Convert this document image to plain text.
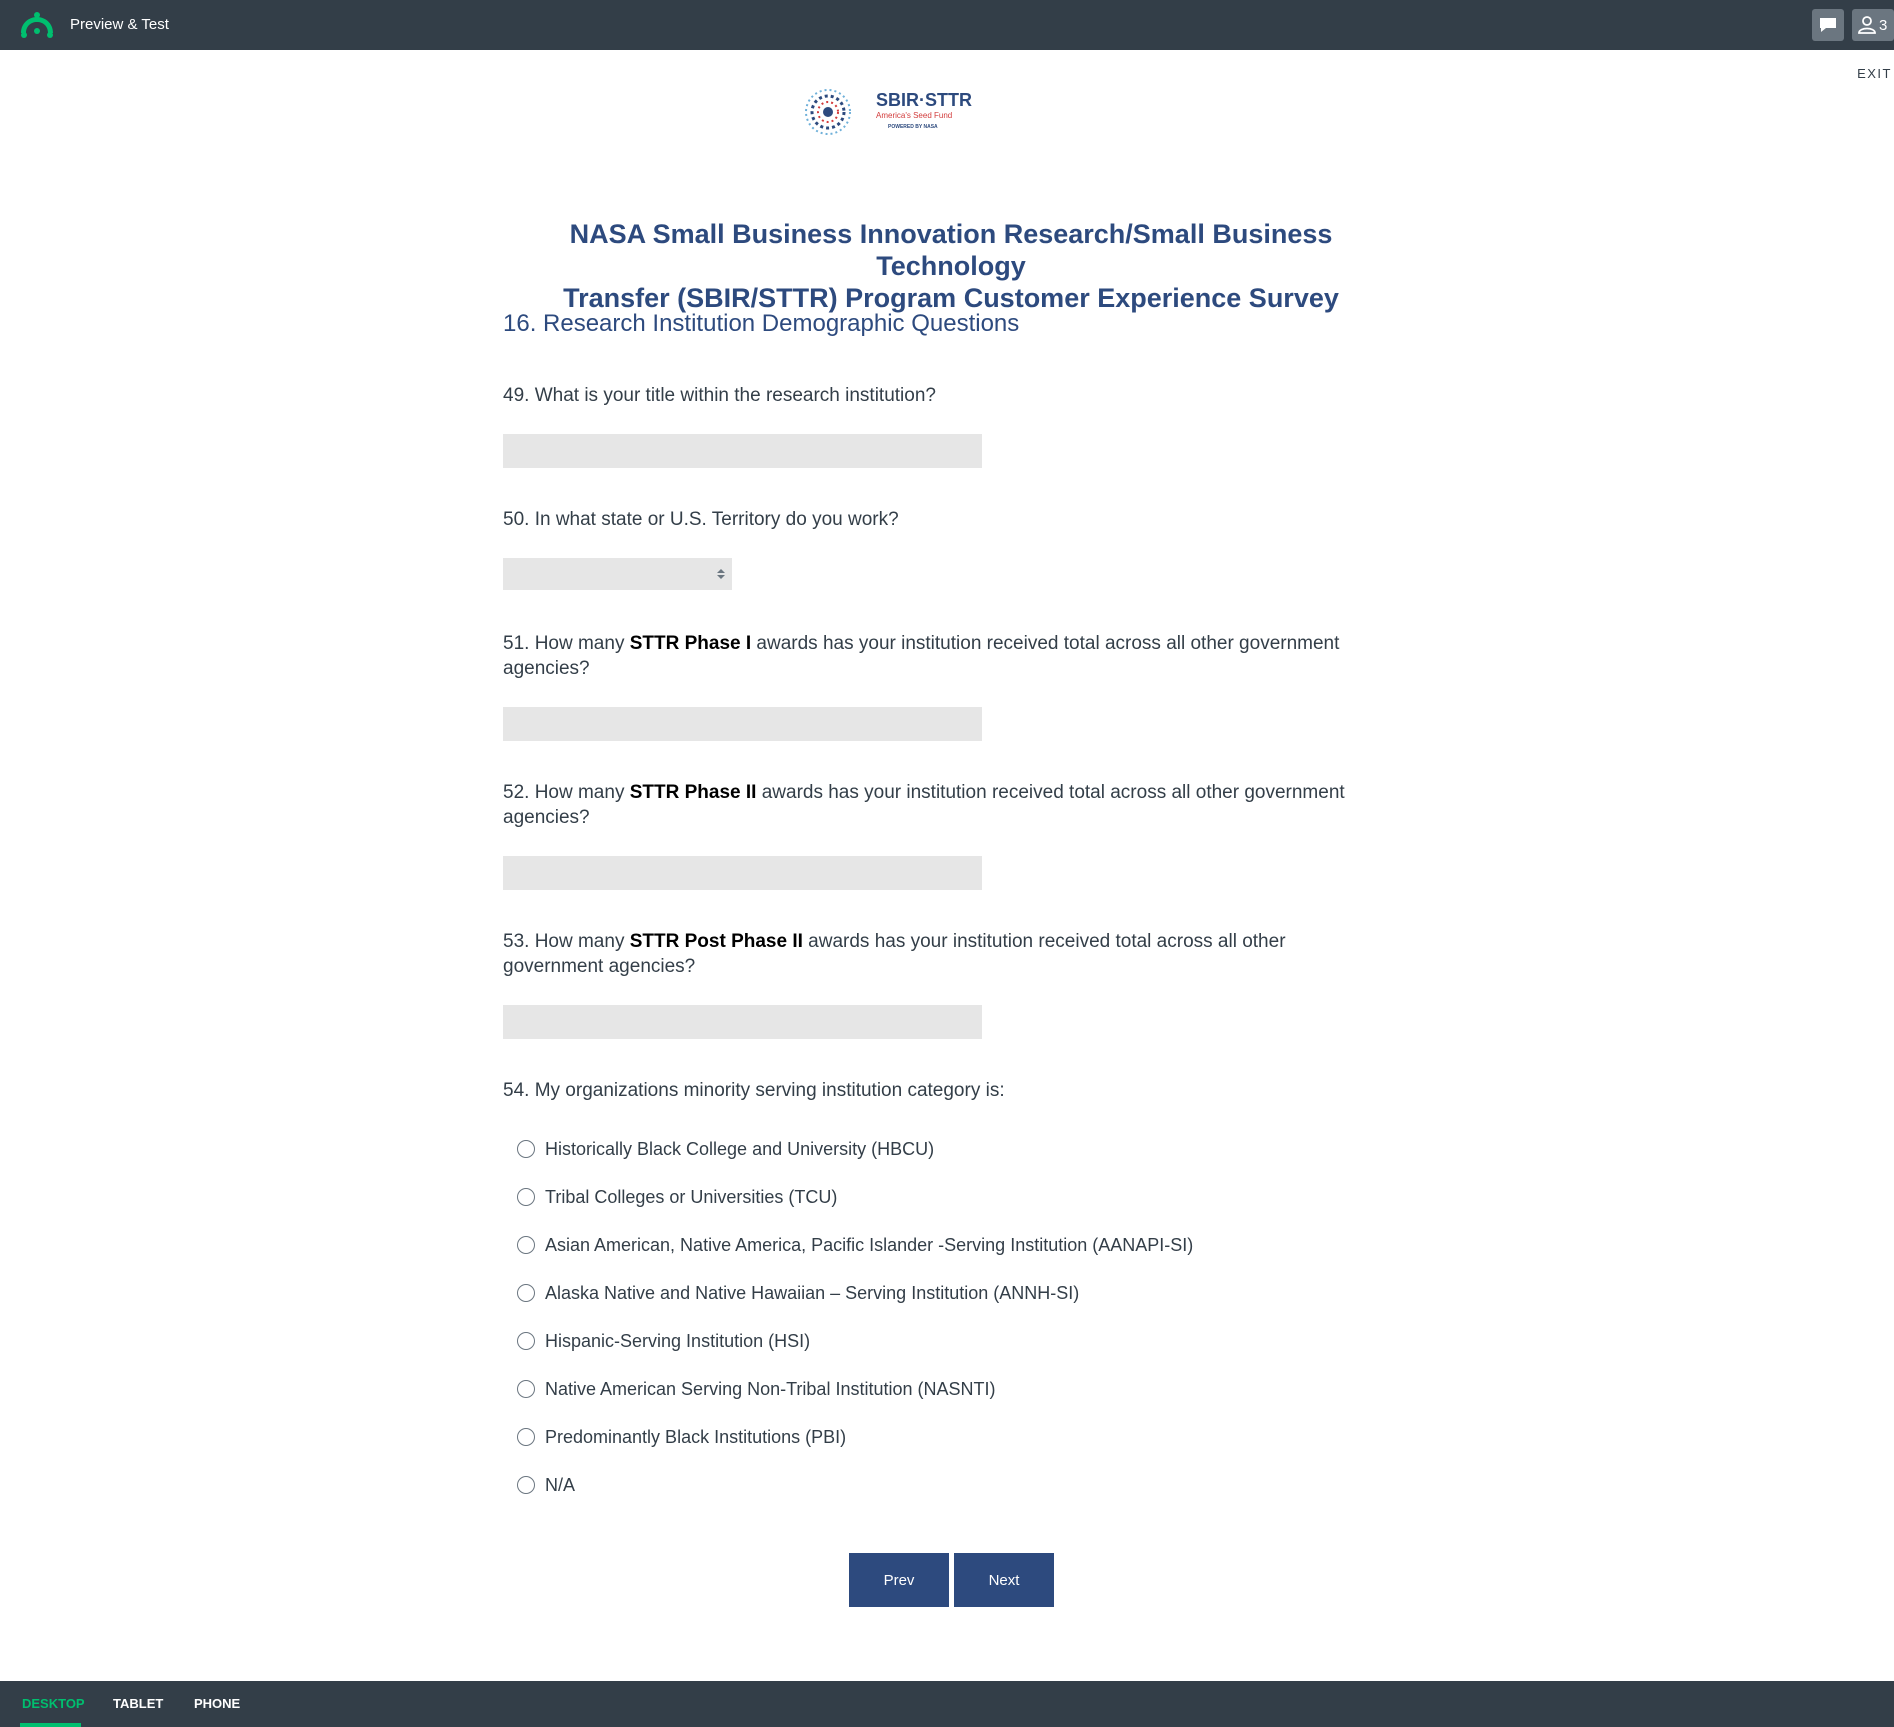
Preview & Test	3
EXIT
SBIR·STTR
America's Seed Fund
POWERED BY NASA
NASA Small Business Innovation Research/Small Business Technology
Transfer (SBIR/STTR) Program Customer Experience Survey
16. Research Institution Demographic Questions
49. What is your title within the research institution?
50. In what state or U.S. Territory do you work?
51. How many STTR Phase I awards has your institution received total across all other government agencies?
52. How many STTR Phase II awards has your institution received total across all other government agencies?
53. How many STTR Post Phase II awards has your institution received total across all other government agencies?
54. My organizations minority serving institution category is:
Historically Black College and University (HBCU)
Tribal Colleges or Universities (TCU)
Asian American, Native America, Pacific Islander -Serving Institution (AANAPI-SI)
Alaska Native and Native Hawaiian – Serving Institution (ANNH-SI)
Hispanic-Serving Institution (HSI)
Native American Serving Non-Tribal Institution (NASNTI)
Predominantly Black Institutions (PBI)
N/A
Prev	Next
DESKTOP TABLET PHONE
